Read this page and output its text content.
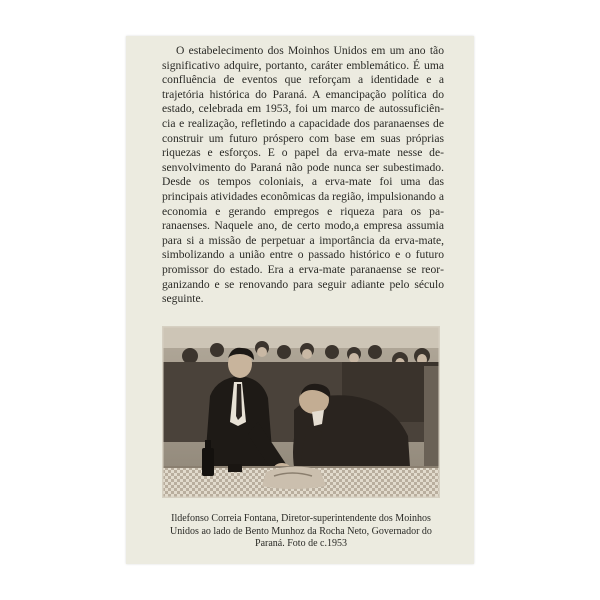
O estabelecimento dos Moinhos Unidos em um ano tão significativo adquire, portanto, caráter emblemático. É uma confluência de eventos que reforçam a identidade e a trajetória histórica do Paraná. A emancipação política do estado, celebrada em 1953, foi um marco de autossuficiência e realização, refletindo a capacidade dos paranaenses de construir um futuro próspero com base em suas próprias riquezas e esforços. E o papel da erva-mate nesse desenvolvimento do Paraná não pode nunca ser subestimado. Desde os tempos coloniais, a erva-mate foi uma das principais atividades econômicas da região, impulsionando a economia e gerando empregos e riqueza para os paranaenses. Naquele ano, de certo modo,a empresa assumia para si a missão de perpetuar a importância da erva-mate, simbolizando a união entre o passado histórico e o futuro promissor do estado. Era a erva-mate paranaense se reorganizando e se renovando para seguir adiante pelo século seguinte.

Ildefonso Correia Fontana, Diretor-superintendente dos Moinhos Unidos ao lado de Bento Munhoz da Rocha Neto, Governador do Paraná. Foto de c.1953
